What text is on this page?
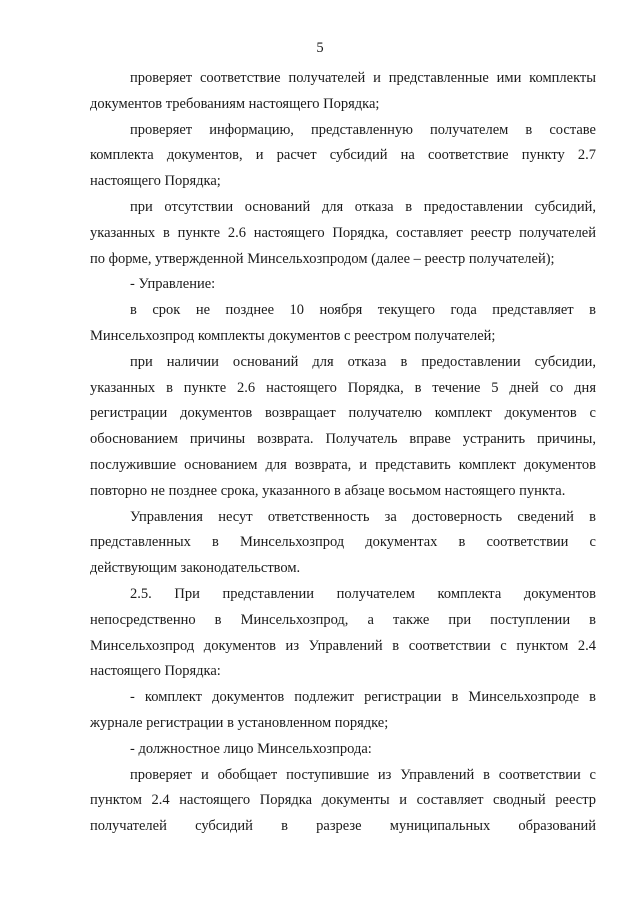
5
проверяет соответствие получателей и представленные ими комплекты
документов требованиям настоящего Порядка;
проверяет информацию, представленную получателем в составе
комплекта документов, и расчет субсидий на соответствие пункту 2.7
настоящего Порядка;
при отсутствии оснований для отказа в предоставлении субсидий,
указанных в пункте 2.6 настоящего Порядка, составляет реестр получателей
по форме, утвержденной Минсельхозпродом (далее – реестр получателей);
- Управление:
в срок не позднее 10 ноября текущего года представляет в
Минсельхозпрод комплекты документов с реестром получателей;
при наличии оснований для отказа в предоставлении субсидии,
указанных в пункте 2.6 настоящего Порядка, в течение 5 дней со дня
регистрации документов возвращает получателю комплект документов с
обоснованием причины возврата. Получатель вправе устранить причины,
послужившие основанием для возврата, и представить комплект документов
повторно не позднее срока, указанного в абзаце восьмом настоящего пункта.
Управления несут ответственность за достоверность сведений в
представленных в Минсельхозпрод документах в соответствии с
действующим законодательством.
2.5. При представлении получателем комплекта документов
непосредственно в Минсельхозпрод, а также при поступлении в
Минсельхозпрод документов из Управлений в соответствии с пунктом 2.4
настоящего Порядка:
- комплект документов подлежит регистрации в Минсельхозпроде в
журнале регистрации в установленном порядке;
- должностное лицо Минсельхозпрода:
проверяет и обобщает поступившие из Управлений в соответствии с
пунктом 2.4 настоящего Порядка документы и составляет сводный реестр
получателей субсидий в разрезе муниципальных образований
